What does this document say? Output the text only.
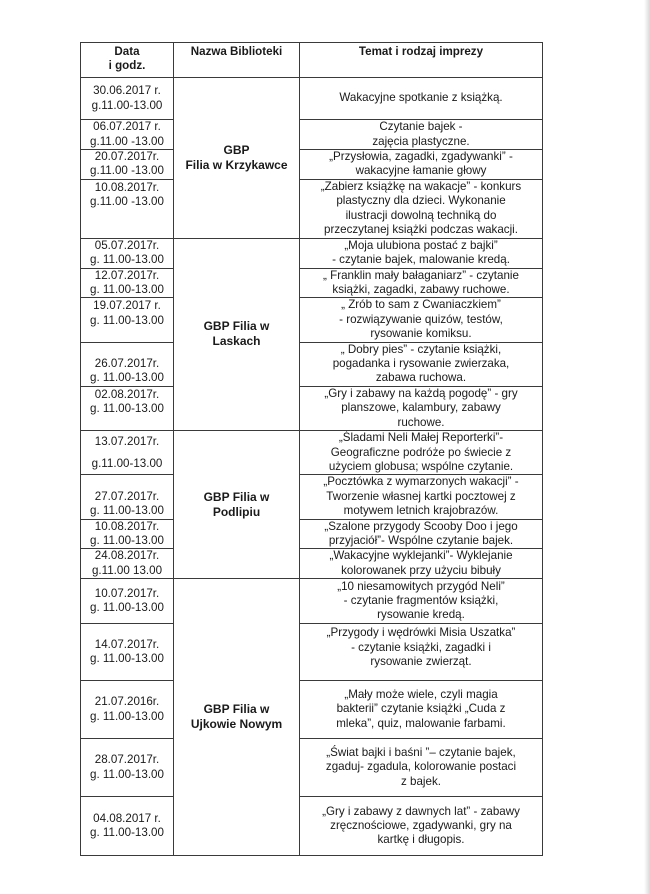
Data
i godz.	Nazwa Biblioteki	Temat i rodzaj imprezy
30.06.2017 r.
g.11.00-13.00	GBP
Filia w Krzykawce	Wakacyjne spotkanie z książką.
06.07.2017 r.
g.11.00 -13.00		Czytanie bajek -
zajęcia plastyczne.
20.07.2017r.
g.11.00 -13.00		„Przysłowia, zagadki, zgadywanki” -
wakacyjne łamanie głowy
10.08.2017r.
g.11.00 -13.00		„Zabierz książkę na wakacje” - konkurs
plastyczny dla dzieci. Wykonanie
ilustracji dowolną techniką do
przeczytanej książki podczas wakacji.
05.07.2017r.
g. 11.00-13.00	GBP Filia w
Laskach	„Moja ulubiona postać z bajki”
- czytanie bajek, malowanie kredą.
12.07.2017r.
g. 11.00-13.00		„ Franklin mały bałaganiarz” - czytanie
książki, zagadki, zabawy ruchowe.
19.07.2017 r.
g. 11.00-13.00		„ Zrób to sam z Cwaniaczkiem”
- rozwiązywanie quizów, testów,
rysowanie komiksu.
26.07.2017r.
g. 11.00-13.00		„ Dobry pies” - czytanie książki,
pogadanka i rysowanie zwierzaka,
zabawa ruchowa.
02.08.2017r.
g. 11.00-13.00		„Gry i zabawy na każdą pogodę” - gry
planszowe, kalambury, zabawy
ruchowe.
13.07.2017r.

g.11.00-13.00	GBP Filia w
Podlipiu	„Śladami Neli Małej Reporterki”-
Geograficzne podróże po świecie z
użyciem globusa; wspólne czytanie.
27.07.2017r.
g. 11.00-13.00		„Pocztówka z wymarzonych wakacji” -
Tworzenie własnej kartki pocztowej z
motywem letnich krajobrazów.
10.08.2017r.
g. 11.00-13.00		„Szalone przygody Scooby Doo i jego
przyjaciół”- Wspólne czytanie bajek.
24.08.2017r.
g.11.00 13.00		„Wakacyjne wyklejanki”- Wyklejanie
kolorowanek przy użyciu bibuły
10.07.2017r.
g. 11.00-13.00	GBP Filia w
Ujkowie Nowym	„10 niesamowitych przygód Neli”
- czytanie fragmentów książki,
rysowanie kredą.
14.07.2017r.
g. 11.00-13.00		„Przygody i wędrówki Misia Uszatka”
- czytanie książki, zagadki i
rysowanie zwierząt.
21.07.2016r.
g. 11.00-13.00		„Mały może wiele, czyli magia
bakterii” czytanie książki „Cuda z
mleka”, quiz, malowanie farbami.
28.07.2017r.
g. 11.00-13.00		„Świat bajki i baśni ”– czytanie bajek,
zgaduj- zgadula, kolorowanie postaci
z bajek.
04.08.2017 r.
g. 11.00-13.00		„Gry i zabawy z dawnych lat” - zabawy
zręcznościowe, zgadywanki, gry na
kartkę i długopis.
